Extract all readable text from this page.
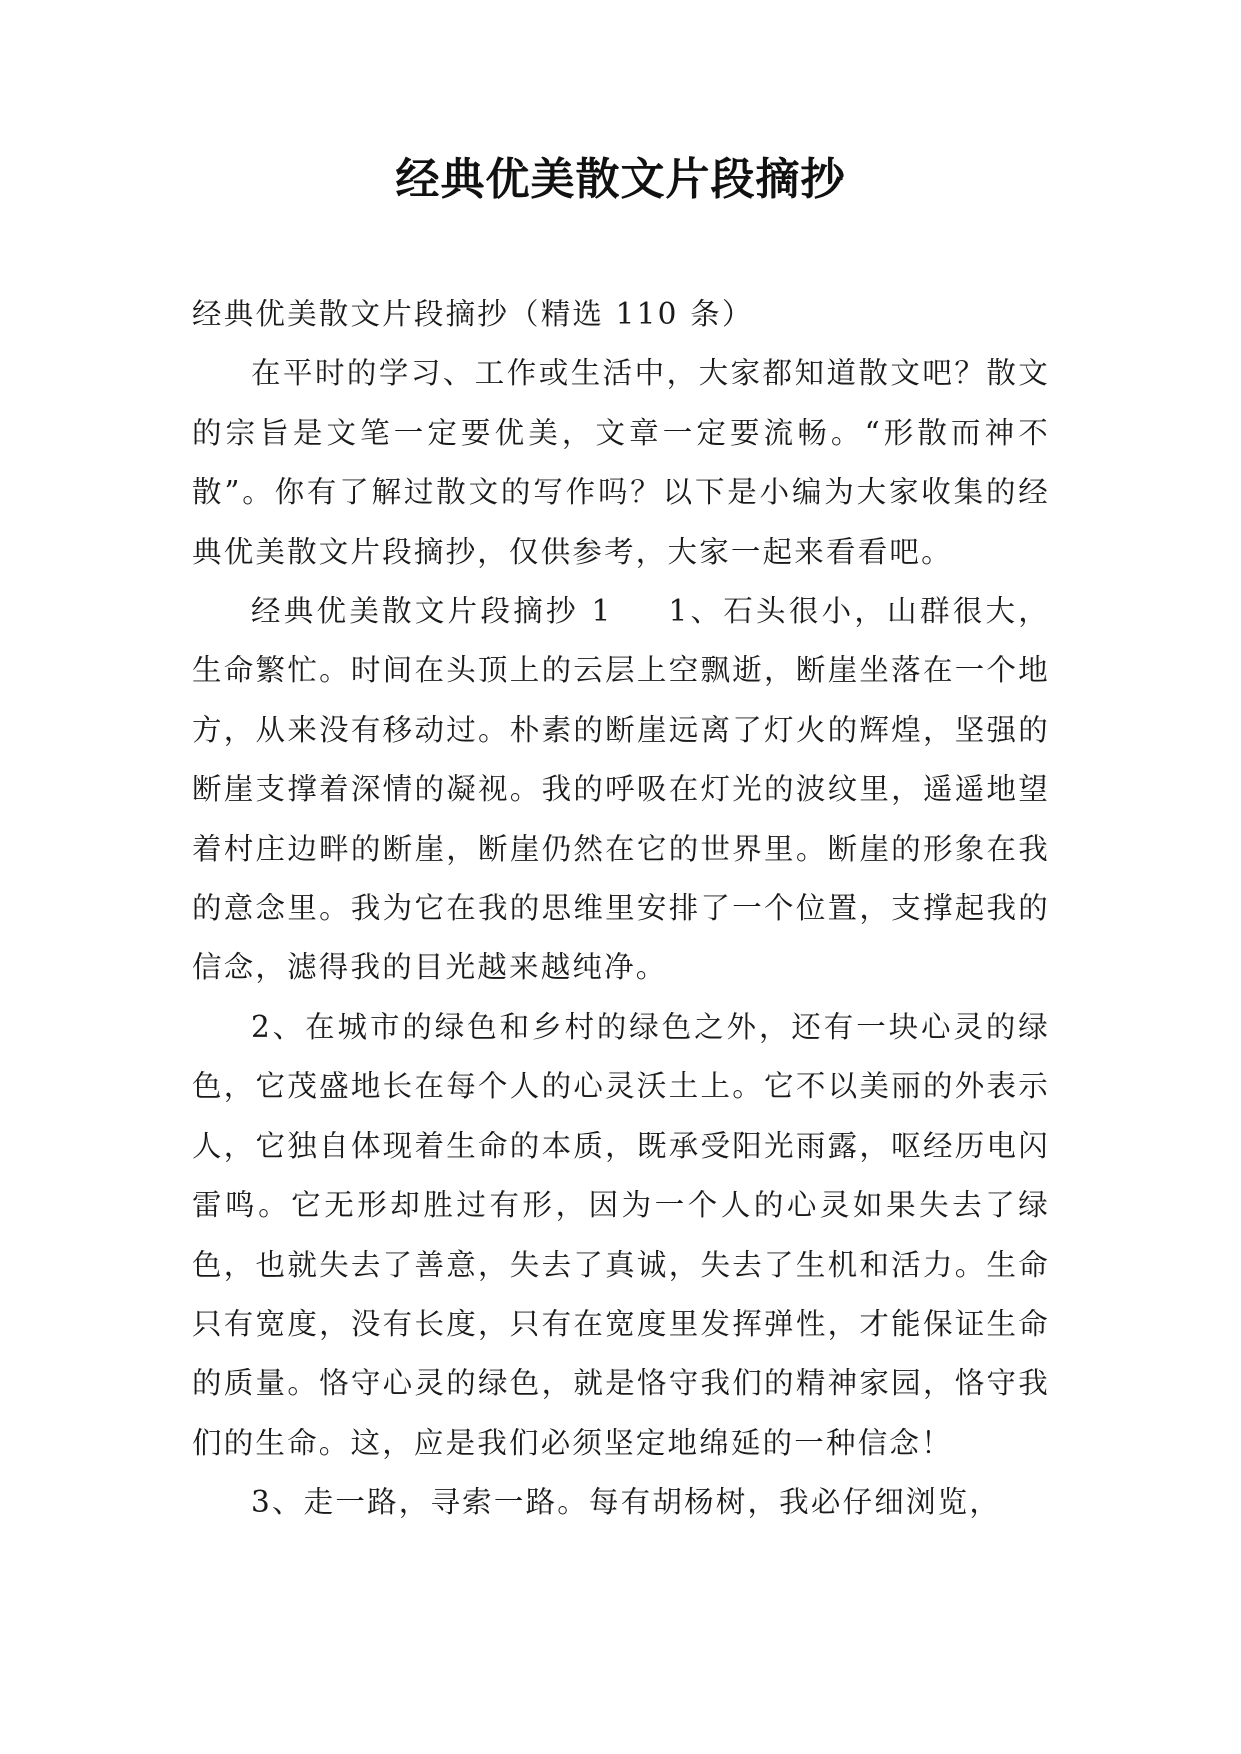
经典优美散文片段摘抄

经典优美散文片段摘抄（精选 110 条）

在平时的学习、工作或生活中，大家都知道散文吧？散文的宗旨是文笔一定要优美，文章一定要流畅。“形散而神不散”。你有了解过散文的写作吗？以下是小编为大家收集的经典优美散文片段摘抄，仅供参考，大家一起来看看吧。

经典优美散文片段摘抄 1 1、石头很小，山群很大，生命繁忙。时间在头顶上的云层上空飘逝，断崖坐落在一个地方，从来没有移动过。朴素的断崖远离了灯火的辉煌，坚强的断崖支撑着深情的凝视。我的呼吸在灯光的波纹里，遥遥地望着村庄边畔的断崖，断崖仍然在它的世界里。断崖的形象在我的意念里。我为它在我的思维里安排了一个位置，支撑起我的信念，滤得我的目光越来越纯净。

2、在城市的绿色和乡村的绿色之外，还有一块心灵的绿色，它茂盛地长在每个人的心灵沃土上。它不以美丽的外表示人，它独自体现着生命的本质，既承受阳光雨露，呕经历电闪雷鸣。它无形却胜过有形，因为一个人的心灵如果失去了绿色，也就失去了善意，失去了真诚，失去了生机和活力。生命只有宽度，没有长度，只有在宽度里发挥弹性，才能保证生命的质量。恪守心灵的绿色，就是恪守我们的精神家园，恪守我们的生命。这，应是我们必须坚定地绵延的一种信念！

3、走一路，寻索一路。每有胡杨树，我必仔细浏览，
